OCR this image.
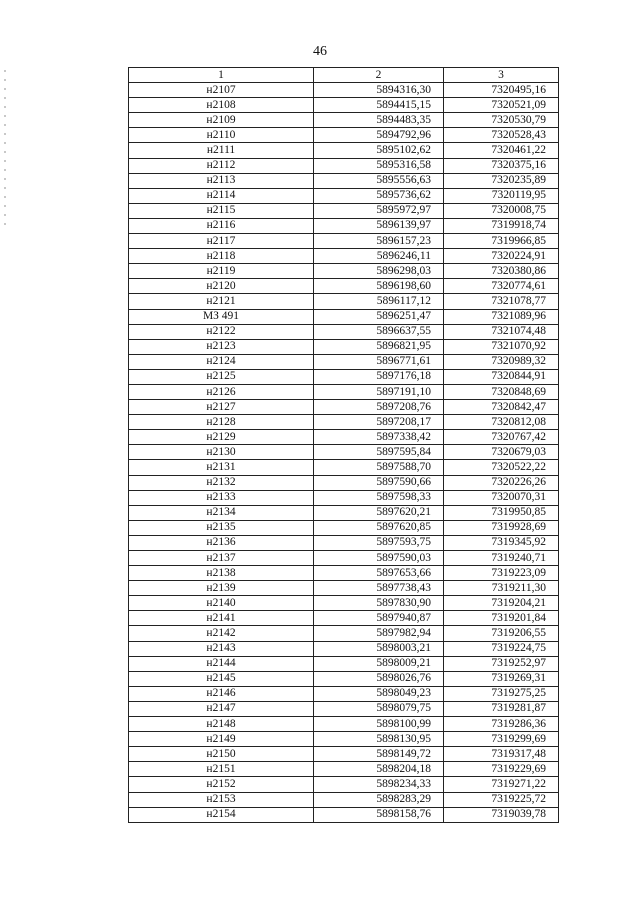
46
1	2	3
н2107	5894316,30	7320495,16
н2108	5894415,15	7320521,09
н2109	5894483,35	7320530,79
н2110	5894792,96	7320528,43
н2111	5895102,62	7320461,22
н2112	5895316,58	7320375,16
н2113	5895556,63	7320235,89
н2114	5895736,62	7320119,95
н2115	5895972,97	7320008,75
н2116	5896139,97	7319918,74
н2117	5896157,23	7319966,85
н2118	5896246,11	7320224,91
н2119	5896298,03	7320380,86
н2120	5896198,60	7320774,61
н2121	5896117,12	7321078,77
МЗ 491	5896251,47	7321089,96
н2122	5896637,55	7321074,48
н2123	5896821,95	7321070,92
н2124	5896771,61	7320989,32
н2125	5897176,18	7320844,91
н2126	5897191,10	7320848,69
н2127	5897208,76	7320842,47
н2128	5897208,17	7320812,08
н2129	5897338,42	7320767,42
н2130	5897595,84	7320679,03
н2131	5897588,70	7320522,22
н2132	5897590,66	7320226,26
н2133	5897598,33	7320070,31
н2134	5897620,21	7319950,85
н2135	5897620,85	7319928,69
н2136	5897593,75	7319345,92
н2137	5897590,03	7319240,71
н2138	5897653,66	7319223,09
н2139	5897738,43	7319211,30
н2140	5897830,90	7319204,21
н2141	5897940,87	7319201,84
н2142	5897982,94	7319206,55
н2143	5898003,21	7319224,75
н2144	5898009,21	7319252,97
н2145	5898026,76	7319269,31
н2146	5898049,23	7319275,25
н2147	5898079,75	7319281,87
н2148	5898100,99	7319286,36
н2149	5898130,95	7319299,69
н2150	5898149,72	7319317,48
н2151	5898204,18	7319229,69
н2152	5898234,33	7319271,22
н2153	5898283,29	7319225,72
н2154	5898158,76	7319039,78
